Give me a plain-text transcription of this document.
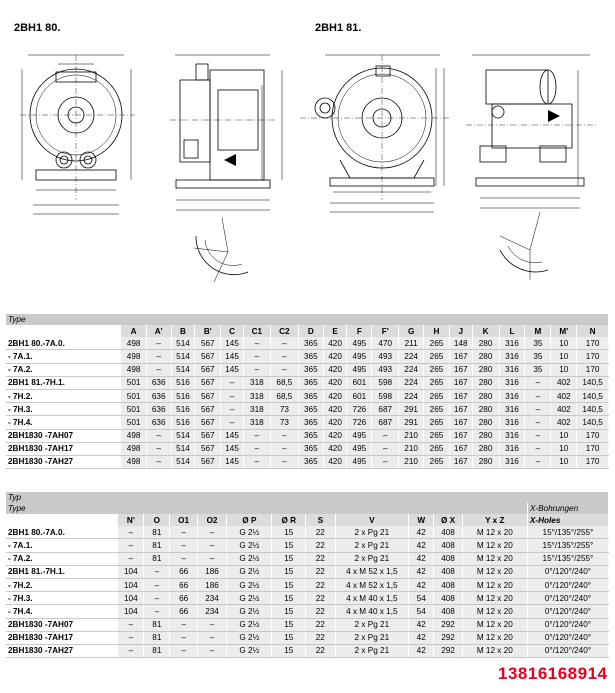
2BH1 80.	2BH1 81.
Type																			
	A	A'	B	B'	C	C1	C2	D	E	F	F'	G	H	J	K	L	M	M'	N
2BH1 80.-7A.0.	498	–	514	567	145	–	–	365	420	495	470	211	265	148	280	316	35	10	170
- 7A.1.	498	–	514	567	145	–	–	365	420	495	493	224	265	167	280	316	35	10	170
- 7A.2.	498	–	514	567	145	–	–	365	420	495	493	224	265	167	280	316	35	10	170
2BH1 81.-7H.1.	501	636	516	567	–	318	68,5	365	420	601	598	224	265	167	280	316	–	402	140,5
- 7H.2.	501	636	516	567	–	318	68,5	365	420	601	598	224	265	167	280	316	–	402	140,5
- 7H.3.	501	636	516	567	–	318	73	365	420	726	687	291	265	167	280	316	–	402	140,5
- 7H.4.	501	636	516	567	–	318	73	365	420	726	687	291	265	167	280	316	–	402	140,5
2BH1830 -7AH07	498	–	514	567	145	–	–	365	420	495	–	210	265	167	280	316	–	10	170
2BH1830 -7AH17	498	–	514	567	145	–	–	365	420	495	–	210	265	167	280	316	–	10	170
2BH1830 -7AH27	498	–	514	567	145	–	–	365	420	495	–	210	265	167	280	316	–	10	170
Typ												
Type												X-Bohrungen
	N'	O	O1	O2	Ø P	Ø R	S	V	W	Ø X	Y x Z	X-Holes
2BH1 80.-7A.0.	–	81	–	–	G 2½	15	22	2 x Pg 21	42	408	M 12 x 20	15°/135°/255°
- 7A.1.	–	81	–	–	G 2½	15	22	2 x Pg 21	42	408	M 12 x 20	15°/135°/255°
- 7A.2.	–	81	–	–	G 2½	15	22	2 x Pg 21	42	408	M 12 x 20	15°/135°/255°
2BH1 81.-7H.1.	104	–	66	186	G 2½	15	22	4 x M 52 x 1,5	42	408	M 12 x 20	0°/120°/240°
- 7H.2.	104	–	66	186	G 2½	15	22	4 x M 52 x 1,5	42	408	M 12 x 20	0°/120°/240°
- 7H.3.	104	–	66	234	G 2½	15	22	4 x M 40 x 1,5	54	408	M 12 x 20	0°/120°/240°
- 7H.4.	104	–	66	234	G 2½	15	22	4 x M 40 x 1,5	54	408	M 12 x 20	0°/120°/240°
2BH1830 -7AH07	–	81	–	–	G 2½	15	22	2 x Pg 21	42	292	M 12 x 20	0°/120°/240°
2BH1830 -7AH17	–	81	–	–	G 2½	15	22	2 x Pg 21	42	292	M 12 x 20	0°/120°/240°
2BH1830 -7AH27	–	81	–	–	G 2½	15	22	2 x Pg 21	42	292	M 12 x 20	0°/120°/240°
13816168914
